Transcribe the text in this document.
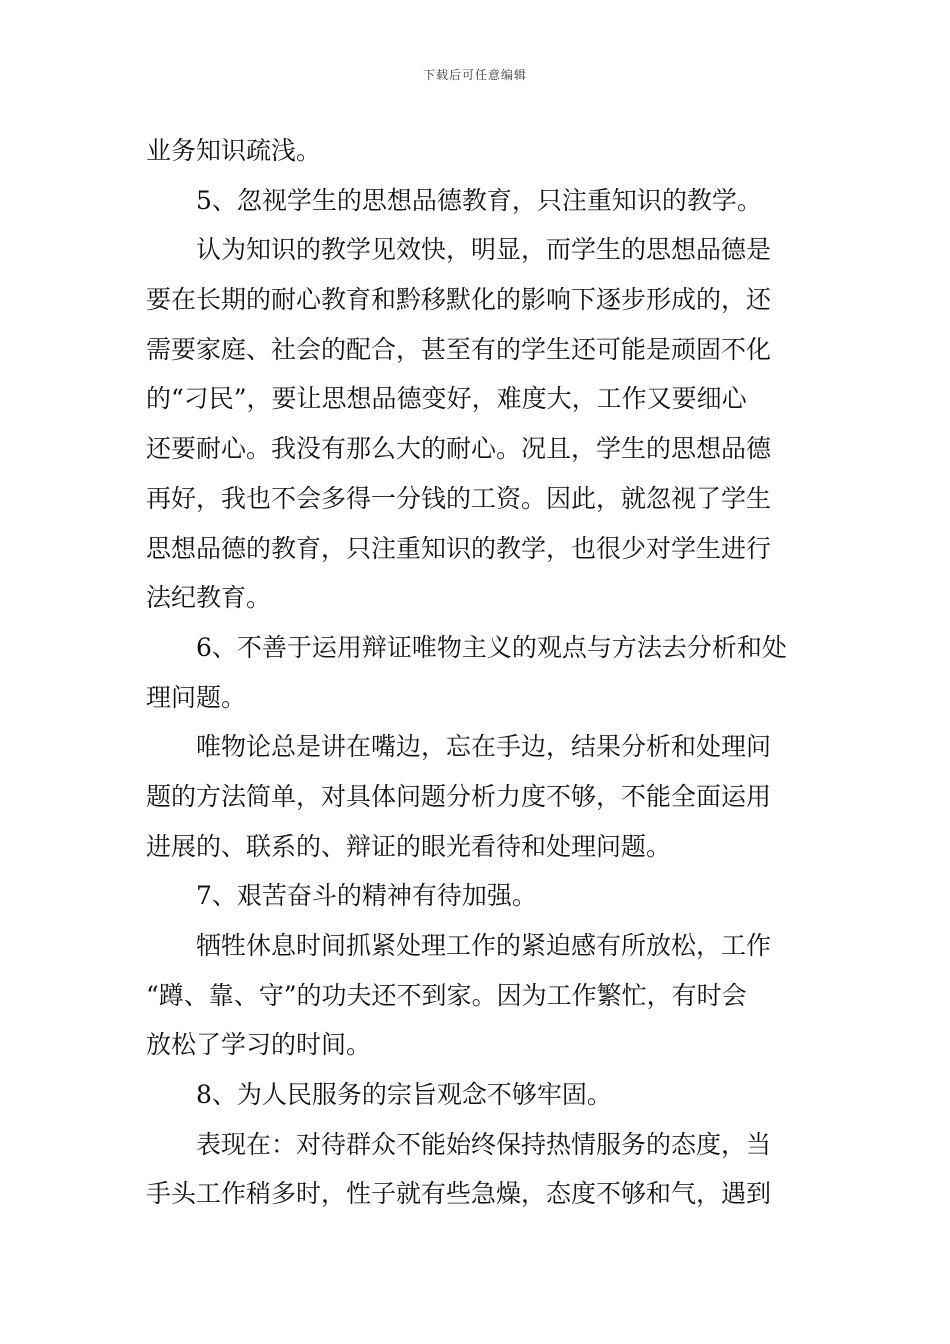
下载后可任意编辑
业务知识疏浅。
5、忽视学生的思想品德教育，只注重知识的教学。
认为知识的教学见效快，明显，而学生的思想品德是
要在长期的耐心教育和黔移默化的影响下逐步形成的，还
需要家庭、社会的配合，甚至有的学生还可能是顽固不化
的“刁民”，要让思想品德变好，难度大，工作又要细心
还要耐心。我没有那么大的耐心。况且，学生的思想品德
再好，我也不会多得一分钱的工资。因此，就忽视了学生
思想品德的教育，只注重知识的教学，也很少对学生进行
法纪教育。
6、不善于运用辩证唯物主义的观点与方法去分析和处
理问题。
唯物论总是讲在嘴边，忘在手边，结果分析和处理问
题的方法简单，对具体问题分析力度不够，不能全面运用
进展的、联系的、辩证的眼光看待和处理问题。
7、艰苦奋斗的精神有待加强。
牺牲休息时间抓紧处理工作的紧迫感有所放松，工作
“蹲、靠、守”的功夫还不到家。因为工作繁忙，有时会
放松了学习的时间。
8、为人民服务的宗旨观念不够牢固。
表现在：对待群众不能始终保持热情服务的态度，当
手头工作稍多时，性子就有些急燥，态度不够和气，遇到
